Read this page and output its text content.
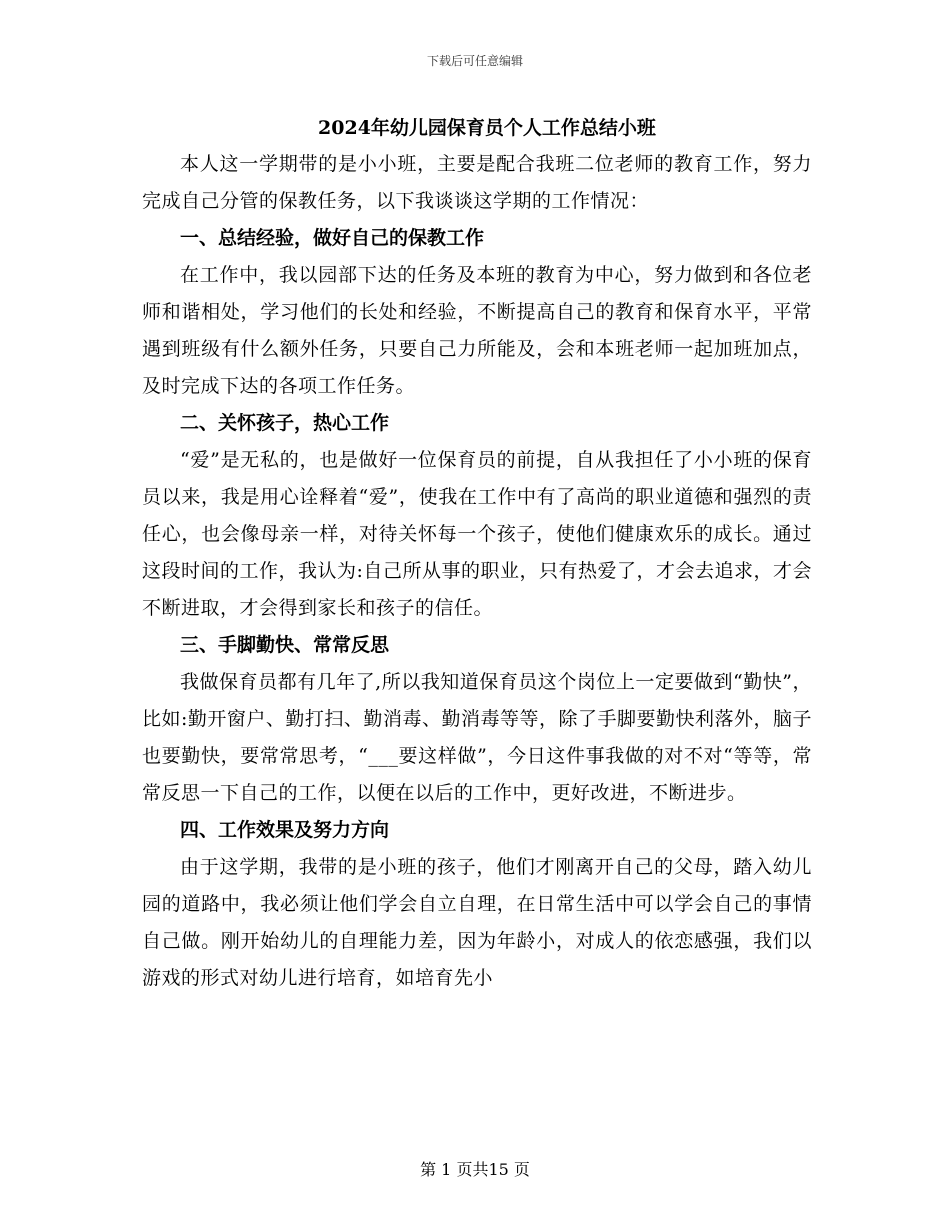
下载后可任意编辑
2024年幼儿园保育员个人工作总结小班

本人这一学期带的是小小班，主要是配合我班二位老师的教育工作，努力完成自己分管的保教任务，以下我谈谈这学期的工作情况：

一、总结经验，做好自己的保教工作

在工作中，我以园部下达的任务及本班的教育为中心，努力做到和各位老师和谐相处，学习他们的长处和经验，不断提高自己的教育和保育水平，平常遇到班级有什么额外任务，只要自己力所能及，会和本班老师一起加班加点，及时完成下达的各项工作任务。

二、关怀孩子，热心工作

“爱”是无私的，也是做好一位保育员的前提，自从我担任了小小班的保育员以来，我是用心诠释着“爱”，使我在工作中有了高尚的职业道德和强烈的责任心，也会像母亲一样，对待关怀每一个孩子，使他们健康欢乐的成长。通过这段时间的工作，我认为:自己所从事的职业，只有热爱了，才会去追求，才会不断进取，才会得到家长和孩子的信任。

三、手脚勤快、常常反思

我做保育员都有几年了,所以我知道保育员这个岗位上一定要做到“勤快”，比如:勤开窗户、勤打扫、勤消毒、勤消毒等等，除了手脚要勤快利落外，脑子也要勤快，要常常思考，“___要这样做”，今日这件事我做的对不对“等等，常常反思一下自己的工作，以便在以后的工作中，更好改进，不断进步。

四、工作效果及努力方向

由于这学期，我带的是小班的孩子，他们才刚离开自己的父母，踏入幼儿园的道路中，我必须让他们学会自立自理，在日常生活中可以学会自己的事情自己做。刚开始幼儿的自理能力差，因为年龄小，对成人的依恋感强，我们以游戏的形式对幼儿进行培育，如培育先小

第 1 页共15 页
